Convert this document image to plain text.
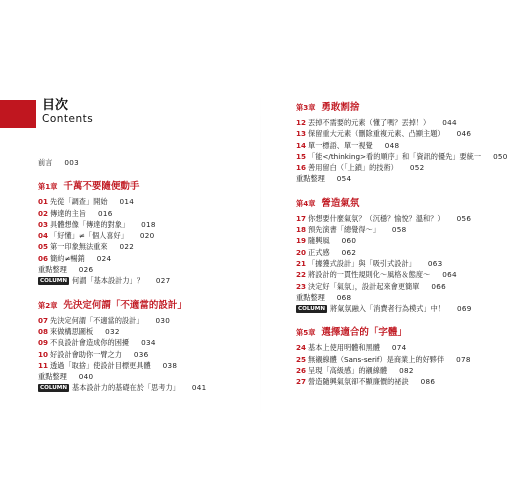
目次
Contents
前言 003
第1章 千萬不要隨便動手
01 先從「調查」開始 014
02 傳達的主旨 016
03 具體想像「傳達的對象」 018
04 「好懂」≠「個人喜好」 020
05 第一印象無法重來 022
06 簡約≠暢銷 024
重點整理 026
COLUMN 何謂「基本設計力」？ 027
第2章 先決定何謂「不適當的設計」
07 先決定何謂「不適當的設計」 030
08 來做構思圖板 032
09 不良設計會造成你的困擾 034
10 好設計會助你一臂之力 036
11 透過「取捨」使設計目標更具體 038
重點整理 040
COLUMN 基本設計力的基礎在於「思考力」 041
第3章 勇敢割捨
12 丟掉不需要的元素（懂了嗎？丟掉！） 044
13 保留重大元素（刪除重複元素、凸顯主題） 046
14 單一標語、單一視覺 048
15 「能</thinking>看的順序」和「資訊的優先」要統一 050
16 善用留白（「上鎖」的技術） 052
重點整理 054
第4章 營造氣氛
17 你想要什麼氣氛？（沉穩？愉悅？溫和？） 056
18 預先演書「總覺得～」 058
19 隨興風 060
20 正式感 062
21 「據獲式設計」與「吸引式設計」 063
22 將設計的一貫性規則化～風格＆態度～ 064
23 決定好「氣氛」，設計起來會更簡單 066
重點整理 068
COLUMN 將氣氛融入「消費者行為模式」中！ 069
第5章 選擇適合的「字體」
24 基本上使用明體和黑體 074
25 無襯線體（Sans-serif）是商業上的好夥伴 078
26 呈現「高級感」的襯線體 082
27 營造隨興氣氛卻不顯廉價的祕訣 086
